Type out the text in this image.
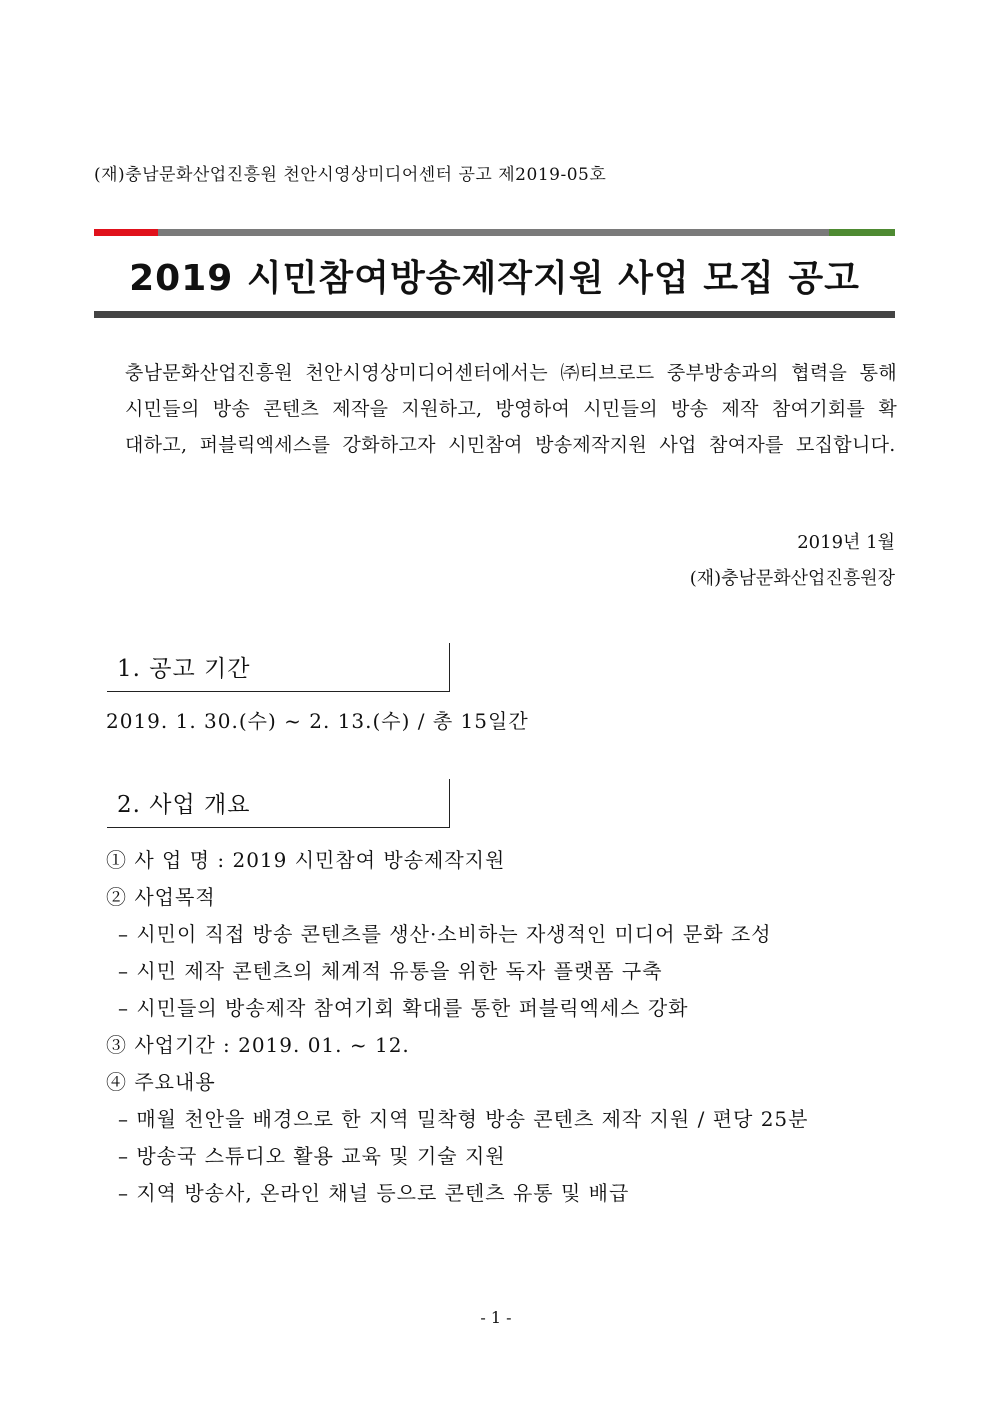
(재)충남문화산업진흥원 천안시영상미디어센터 공고 제2019-05호
2019 시민참여방송제작지원 사업 모집 공고
충남문화산업진흥원 천안시영상미디어센터에서는 ㈜티브로드 중부방송과의 협력을 통해 시민들의 방송 콘텐츠 제작을 지원하고, 방영하여 시민들의 방송 제작 참여기회를 확대하고, 퍼블릭엑세스를 강화하고자 시민참여 방송제작지원 사업 참여자를 모집합니다.
2019년 1월
(재)충남문화산업진흥원장
1. 공고 기간
2019. 1. 30.(수) ~ 2. 13.(수) / 총 15일간
2. 사업 개요
① 사 업 명 : 2019 시민참여 방송제작지원
② 사업목적
– 시민이 직접 방송 콘텐츠를 생산·소비하는 자생적인 미디어 문화 조성
– 시민 제작 콘텐츠의 체계적 유통을 위한 독자 플랫폼 구축
– 시민들의 방송제작 참여기회 확대를 통한 퍼블릭엑세스 강화
③ 사업기간 : 2019. 01. ~ 12.
④ 주요내용
– 매월 천안을 배경으로 한 지역 밀착형 방송 콘텐츠 제작 지원 / 편당 25분
– 방송국 스튜디오 활용 교육 및 기술 지원
– 지역 방송사, 온라인 채널 등으로 콘텐츠 유통 및 배급
- 1 -
